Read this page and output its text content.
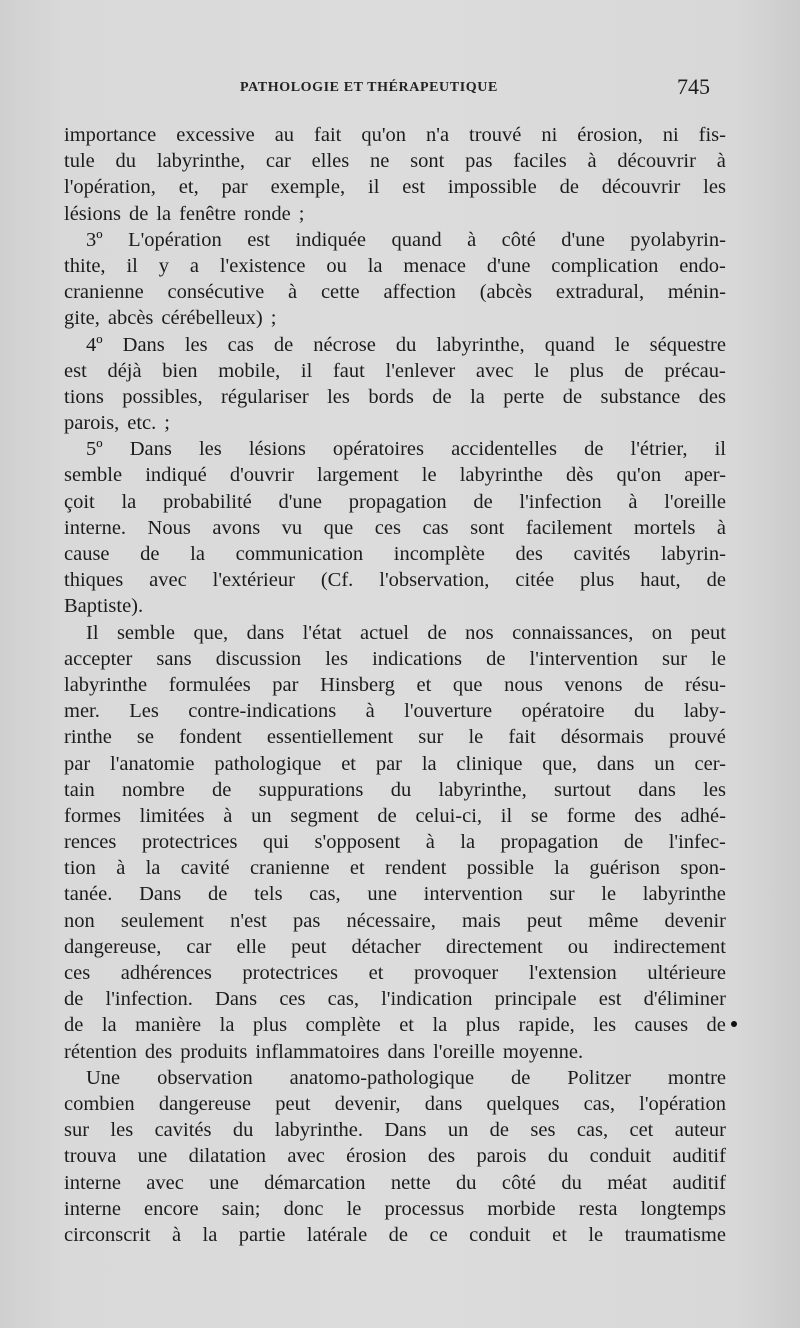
PATHOLOGIE ET THÉRAPEUTIQUE	745
importance excessive au fait qu'on n'a trouvé ni érosion, ni fis-
tule du labyrinthe, car elles ne sont pas faciles à découvrir à
l'opération, et, par exemple, il est impossible de découvrir les
lésions de la fenêtre ronde ;
3º L'opération est indiquée quand à côté d'une pyolabyrin-
thite, il y a l'existence ou la menace d'une complication endo-
cranienne consécutive à cette affection (abcès extradural, ménin-
gite, abcès cérébelleux) ;
4º Dans les cas de nécrose du labyrinthe, quand le séquestre
est déjà bien mobile, il faut l'enlever avec le plus de précau-
tions possibles, régulariser les bords de la perte de substance des
parois, etc. ;
5º Dans les lésions opératoires accidentelles de l'étrier, il
semble indiqué d'ouvrir largement le labyrinthe dès qu'on aper-
çoit la probabilité d'une propagation de l'infection à l'oreille
interne. Nous avons vu que ces cas sont facilement mortels à
cause de la communication incomplète des cavités labyrin-
thiques avec l'extérieur (Cf. l'observation, citée plus haut, de
Baptiste).
Il semble que, dans l'état actuel de nos connaissances, on peut
accepter sans discussion les indications de l'intervention sur le
labyrinthe formulées par Hinsberg et que nous venons de résu-
mer. Les contre-indications à l'ouverture opératoire du laby-
rinthe se fondent essentiellement sur le fait désormais prouvé
par l'anatomie pathologique et par la clinique que, dans un cer-
tain nombre de suppurations du labyrinthe, surtout dans les
formes limitées à un segment de celui-ci, il se forme des adhé-
rences protectrices qui s'opposent à la propagation de l'infec-
tion à la cavité cranienne et rendent possible la guérison spon-
tanée. Dans de tels cas, une intervention sur le labyrinthe
non seulement n'est pas nécessaire, mais peut même devenir
dangereuse, car elle peut détacher directement ou indirectement
ces adhérences protectrices et provoquer l'extension ultérieure
de l'infection. Dans ces cas, l'indication principale est d'éliminer
de la manière la plus complète et la plus rapide, les causes de
rétention des produits inflammatoires dans l'oreille moyenne.
Une observation anatomo-pathologique de Politzer montre
combien dangereuse peut devenir, dans quelques cas, l'opération
sur les cavités du labyrinthe. Dans un de ses cas, cet auteur
trouva une dilatation avec érosion des parois du conduit auditif
interne avec une démarcation nette du côté du méat auditif
interne encore sain; donc le processus morbide resta longtemps
circonscrit à la partie latérale de ce conduit et le traumatisme
